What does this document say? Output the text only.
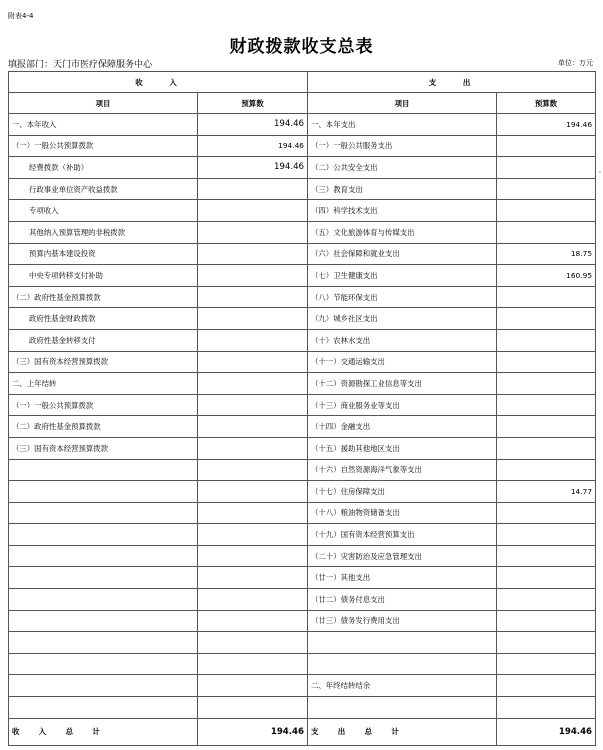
附表4-4
财政拨款收支总表
填报部门：天门市医疗保障服务中心	单位：万元
'
收　　入		支　　出	
项目	预算数	项目	预算数
一、本年收入	194.46	一、本年支出	194.46
（一）一般公共预算拨款	194.46	（一）一般公共服务支出	
经费拨款（补助）	194.46	（二）公共安全支出	
行政事业单位资产收益拨款		（三）教育支出	
专项收入		（四）科学技术支出	
其他纳入预算管理的非税拨款		（五）文化旅游体育与传媒支出	
预算内基本建设投资		（六）社会保障和就业支出	18.75
中央专项转移支付补助		（七）卫生健康支出	160.95
（二）政府性基金预算拨款		（八）节能环保支出	
政府性基金财政拨款		（九）城乡社区支出	
政府性基金转移支付		（十）农林水支出	
（三）国有资本经营预算拨款		（十一）交通运输支出	
二、上年结转		（十二）资源勘探工业信息等支出	
（一）一般公共预算拨款		（十三）商业服务业等支出	
（二）政府性基金预算拨款		（十四）金融支出	
（三）国有资本经营预算拨款		（十五）援助其他地区支出	
		（十六）自然资源海洋气象等支出	
		（十七）住房保障支出	14.77
		（十八）粮油物资储备支出	
		（十九）国有资本经营预算支出	
		（二十）灾害防治及应急管理支出	
		（廿一）其他支出	
		（廿二）债务付息支出	
		（廿三）债务发行费用支出	

		二、年终结转结余	

收　入　总　计	194.46	支　出　总　计	194.46
